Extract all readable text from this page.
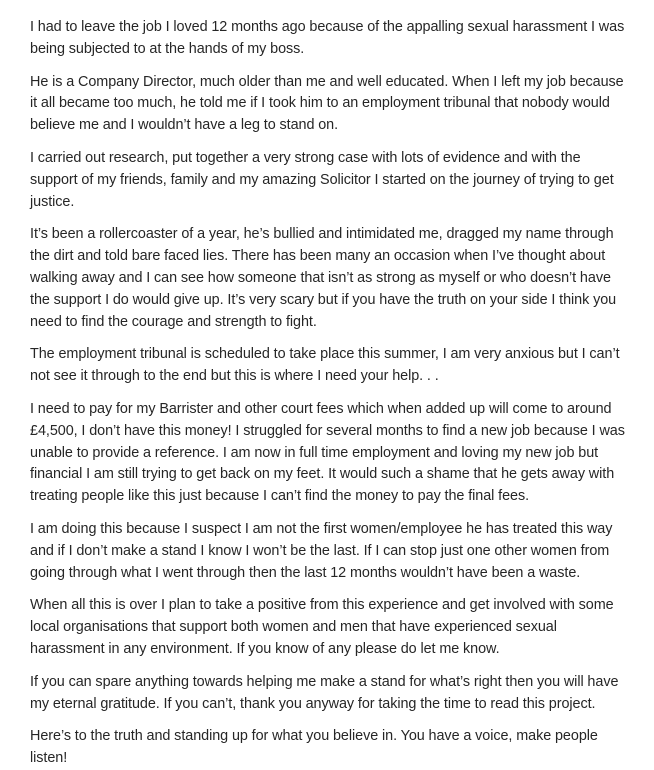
I had to leave the job I loved 12 months ago because of the appalling sexual harassment I was being subjected to at the hands of my boss.

He is a Company Director, much older than me and well educated. When I left my job because it all became too much, he told me if I took him to an employment tribunal that nobody would believe me and I wouldn’t have a leg to stand on.

I carried out research, put together a very strong case with lots of evidence and with the support of my friends, family and my amazing Solicitor I started on the journey of trying to get justice.

It’s been a rollercoaster of a year, he’s bullied and intimidated me, dragged my name through the dirt and told bare faced lies. There has been many an occasion when I’ve thought about walking away and I can see how someone that isn’t as strong as myself or who doesn’t have the support I do would give up. It’s very scary but if you have the truth on your side I think you need to find the courage and strength to fight.

The employment tribunal is scheduled to take place this summer, I am very anxious but I can’t not see it through to the end but this is where I need your help. . .

I need to pay for my Barrister and other court fees which when added up will come to around £4,500, I don’t have this money! I struggled for several months to find a new job because I was unable to provide a reference. I am now in full time employment and loving my new job but financial I am still trying to get back on my feet. It would such a shame that he gets away with treating people like this just because I can’t find the money to pay the final fees.

I am doing this because I suspect I am not the first women/employee he has treated this way and if I don’t make a stand I know I won’t be the last. If I can stop just one other women from going through what I went through then the last 12 months wouldn’t have been a waste.

When all this is over I plan to take a positive from this experience and get involved with some local organisations that support both women and men that have experienced sexual harassment in any environment. If you know of any please do let me know.

If you can spare anything towards helping me make a stand for what’s right then you will have my eternal gratitude. If you can’t, thank you anyway for taking the time to read this project.

Here’s to the truth and standing up for what you believe in. You have a voice, make people listen!
